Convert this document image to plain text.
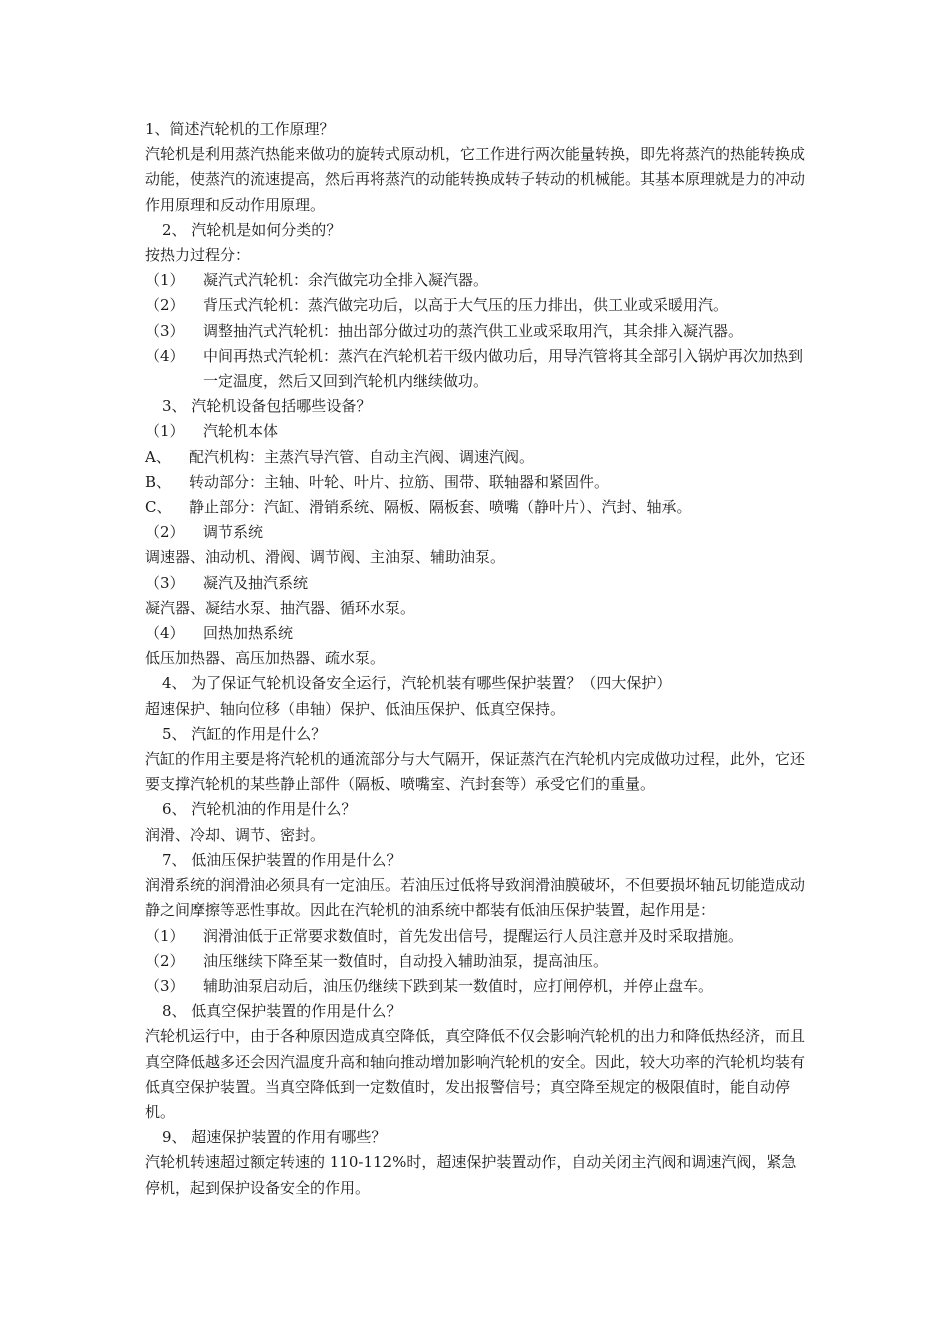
1、简述汽轮机的工作原理？
汽轮机是利用蒸汽热能来做功的旋转式原动机，它工作进行两次能量转换，即先将蒸汽的热能转换成动能，使蒸汽的流速提高，然后再将蒸汽的动能转换成转子转动的机械能。其基本原理就是力的冲动作用原理和反动作用原理。
2、 汽轮机是如何分类的？
按热力过程分：
（1）	凝汽式汽轮机：余汽做完功全排入凝汽器。
（2）	背压式汽轮机：蒸汽做完功后，以高于大气压的压力排出，供工业或采暖用汽。
（3）	调整抽汽式汽轮机：抽出部分做过功的蒸汽供工业或采取用汽，其余排入凝汽器。
（4）	中间再热式汽轮机：蒸汽在汽轮机若干级内做功后，用导汽管将其全部引入锅炉再次加热到一定温度，然后又回到汽轮机内继续做功。
3、 汽轮机设备包括哪些设备？
（1）	汽轮机本体
A、	配汽机构：主蒸汽导汽管、自动主汽阀、调速汽阀。
B、	转动部分：主轴、叶轮、叶片、拉筋、围带、联轴器和紧固件。
C、	静止部分：汽缸、滑销系统、隔板、隔板套、喷嘴（静叶片）、汽封、轴承。
（2）	调节系统
调速器、油动机、滑阀、调节阀、主油泵、辅助油泵。
（3）	凝汽及抽汽系统
凝汽器、凝结水泵、抽汽器、循环水泵。
（4）	回热加热系统
低压加热器、高压加热器、疏水泵。
4、 为了保证气轮机设备安全运行，汽轮机装有哪些保护装置？（四大保护）
超速保护、轴向位移（串轴）保护、低油压保护、低真空保持。
5、 汽缸的作用是什么？
汽缸的作用主要是将汽轮机的通流部分与大气隔开，保证蒸汽在汽轮机内完成做功过程，此外，它还要支撑汽轮机的某些静止部件（隔板、喷嘴室、汽封套等）承受它们的重量。
6、 汽轮机油的作用是什么？
润滑、冷却、调节、密封。
7、 低油压保护装置的作用是什么？
润滑系统的润滑油必须具有一定油压。若油压过低将导致润滑油膜破坏，不但要损坏轴瓦切能造成动静之间摩擦等恶性事故。因此在汽轮机的油系统中都装有低油压保护装置，起作用是：
（1）	润滑油低于正常要求数值时，首先发出信号，提醒运行人员注意并及时采取措施。
（2）	油压继续下降至某一数值时，自动投入辅助油泵，提高油压。
（3）	辅助油泵启动后，油压仍继续下跌到某一数值时，应打闸停机，并停止盘车。
8、 低真空保护装置的作用是什么？
汽轮机运行中，由于各种原因造成真空降低，真空降低不仅会影响汽轮机的出力和降低热经济，而且真空降低越多还会因汽温度升高和轴向推动增加影响汽轮机的安全。因此，较大功率的汽轮机均装有低真空保护装置。当真空降低到一定数值时，发出报警信号；真空降至规定的极限值时，能自动停机。
9、 超速保护装置的作用有哪些？
汽轮机转速超过额定转速的 110-112%时，超速保护装置动作，自动关闭主汽阀和调速汽阀，紧急停机，起到保护设备安全的作用。
